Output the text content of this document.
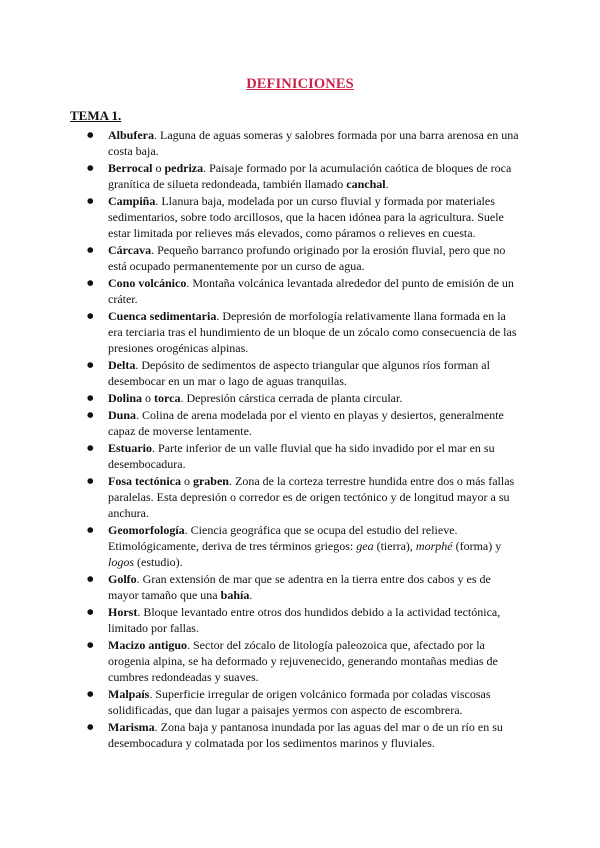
DEFINICIONES
TEMA 1.
● Albufera. Laguna de aguas someras y salobres formada por una barra arenosa en una costa baja.
● Berrocal o pedriza. Paisaje formado por la acumulación caótica de bloques de roca granítica de silueta redondeada, también llamado canchal.
● Campiña. Llanura baja, modelada por un curso fluvial y formada por materiales sedimentarios, sobre todo arcillosos, que la hacen idónea para la agricultura. Suele estar limitada por relieves más elevados, como páramos o relieves en cuesta.
● Cárcava. Pequeño barranco profundo originado por la erosión fluvial, pero que no está ocupado permanentemente por un curso de agua.
● Cono volcánico. Montaña volcánica levantada alrededor del punto de emisión de un cráter.
● Cuenca sedimentaria. Depresión de morfología relativamente llana formada en la era terciaria tras el hundimiento de un bloque de un zócalo como consecuencia de las presiones orogénicas alpinas.
● Delta. Depósito de sedimentos de aspecto triangular que algunos ríos forman al desembocar en un mar o lago de aguas tranquilas.
● Dolina o torca. Depresión cárstica cerrada de planta circular.
● Duna. Colina de arena modelada por el viento en playas y desiertos, generalmente capaz de moverse lentamente.
● Estuario. Parte inferior de un valle fluvial que ha sido invadido por el mar en su desembocadura.
● Fosa tectónica o graben. Zona de la corteza terrestre hundida entre dos o más fallas paralelas. Esta depresión o corredor es de origen tectónico y de longitud mayor a su anchura.
● Geomorfología. Ciencia geográfica que se ocupa del estudio del relieve. Etimológicamente, deriva de tres términos griegos: gea (tierra), morphé (forma) y logos (estudio).
● Golfo. Gran extensión de mar que se adentra en la tierra entre dos cabos y es de mayor tamaño que una bahía.
● Horst. Bloque levantado entre otros dos hundidos debido a la actividad tectónica, limitado por fallas.
● Macizo antiguo. Sector del zócalo de litología paleozoica que, afectado por la orogenia alpina, se ha deformado y rejuvenecido, generando montañas medias de cumbres redondeadas y suaves.
● Malpaís. Superficie irregular de origen volcánico formada por coladas viscosas solidificadas, que dan lugar a paisajes yermos con aspecto de escombrera.
● Marisma. Zona baja y pantanosa inundada por las aguas del mar o de un río en su desembocadura y colmatada por los sedimentos marinos y fluviales.
